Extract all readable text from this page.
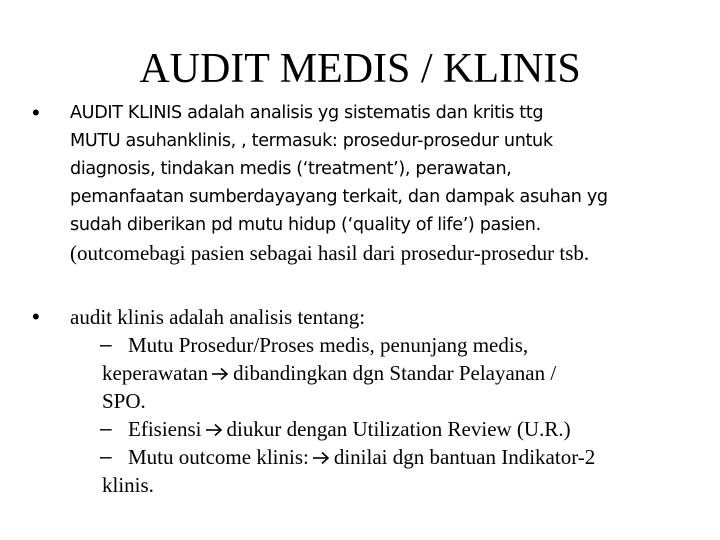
AUDIT MEDIS / KLINIS
• AUDIT KLINIS adalah analisis yg sistematis dan kritis ttg
MUTU asuhanklinis, , termasuk: prosedur-prosedur untuk
diagnosis, tindakan medis (‘treatment’), perawatan,
pemanfaatan sumberdayayang terkait, dan dampak asuhan yg
sudah diberikan pd mutu hidup (‘quality of life’) pasien.
(outcomebagi pasien sebagai hasil dari prosedur-prosedur tsb.
• audit klinis adalah analisis tentang:
– Mutu Prosedur/Proses medis, penunjang medis,
keperawatan dibandingkan dgn Standar Pelayanan /
SPO.
– Efisiensi diukur dengan Utilization Review (U.R.)
– Mutu outcome klinis: dinilai dgn bantuan Indikator-2
klinis.
